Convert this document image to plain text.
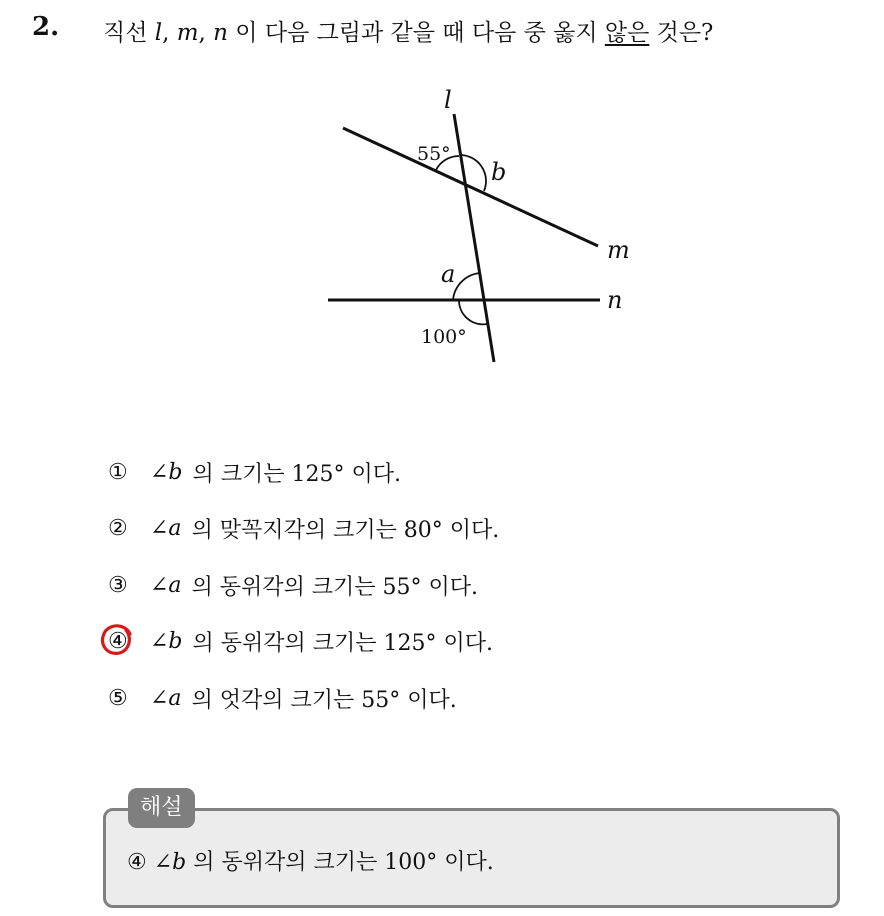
2. 직선 l, m, n 이 다음 그림과 같을 때 다음 중 옳지 않은 것은?
l
m
n
55°
b
a
100°
①	∠b 의 크기는 125° 이다.
②	∠a 의 맞꼭지각의 크기는 80° 이다.
③	∠a 의 동위각의 크기는 55° 이다.
④	∠b 의 동위각의 크기는 125° 이다.
⑤	∠a 의 엇각의 크기는 55° 이다.
해설
④ ∠b 의 동위각의 크기는 100° 이다.
